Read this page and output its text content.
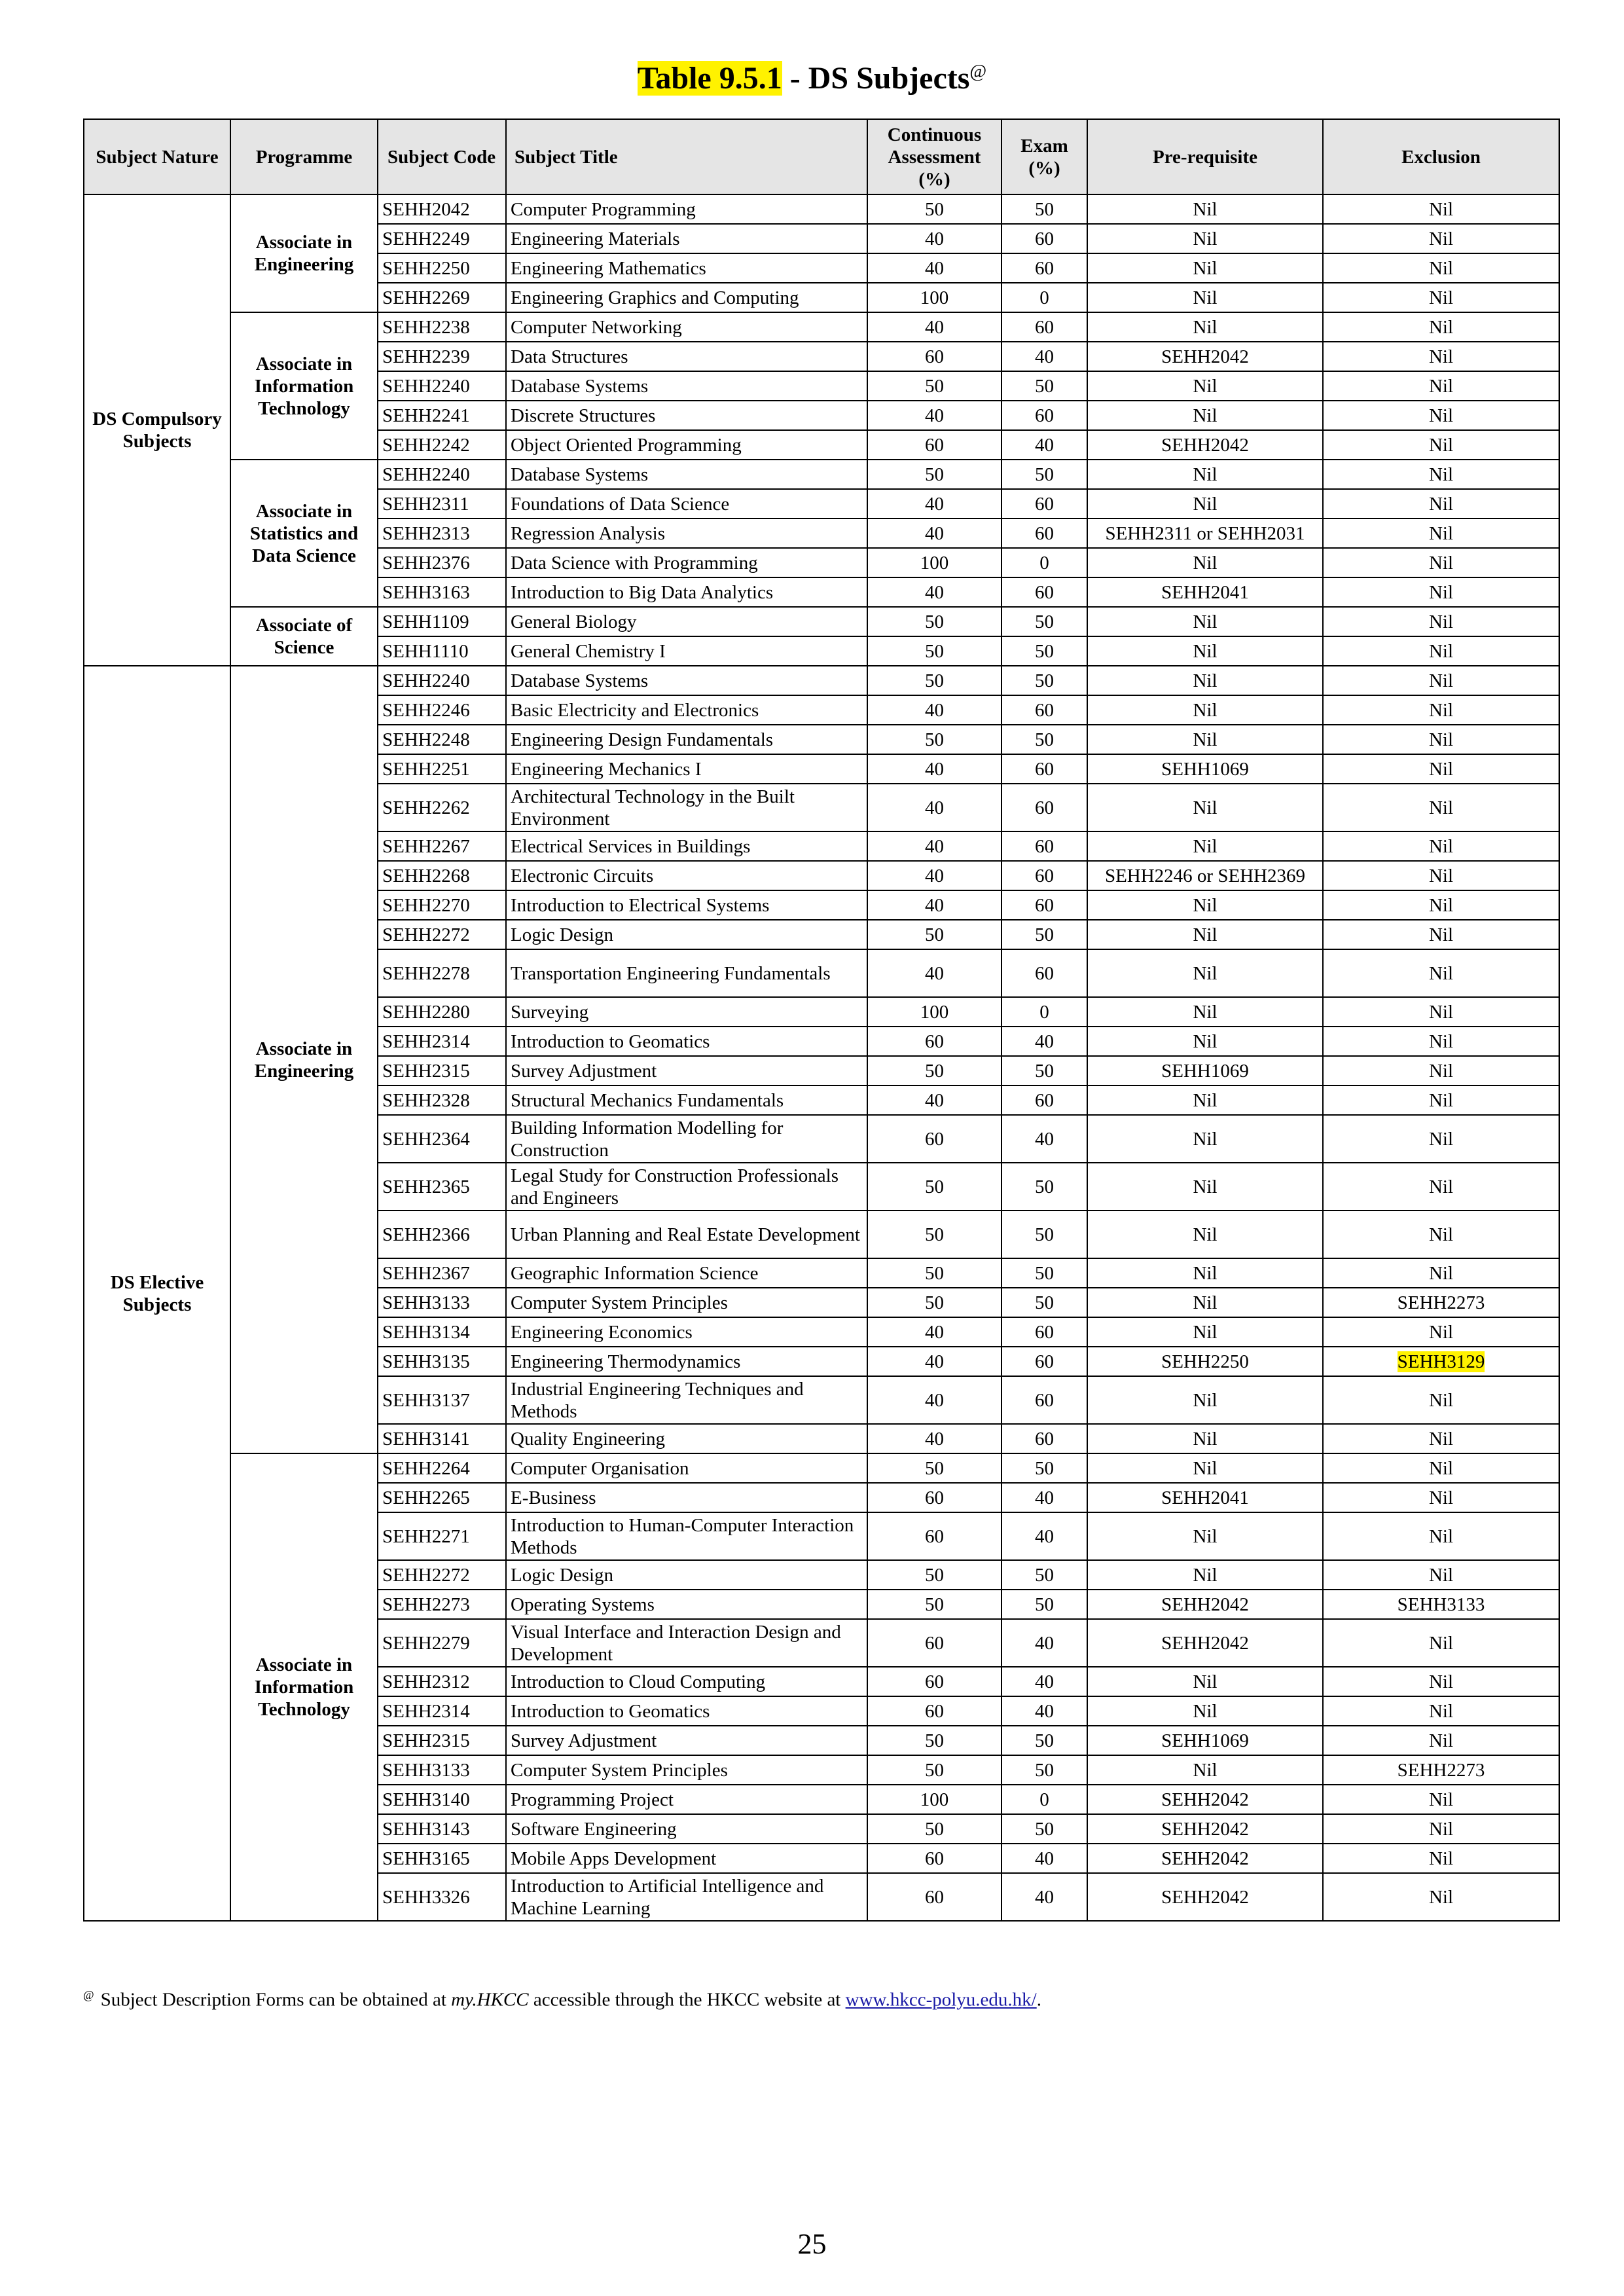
Table 9.5.1 - DS Subjects@
Subject Nature	Programme	Subject Code	Subject Title	Continuous Assessment (%)	Exam (%)	Pre-requisite	Exclusion
DS Compulsory Subjects	Associate in Engineering	SEHH2042	Computer Programming	50	50	Nil	Nil
		SEHH2249	Engineering Materials	40	60	Nil	Nil
		SEHH2250	Engineering Mathematics	40	60	Nil	Nil
		SEHH2269	Engineering Graphics and Computing	100	0	Nil	Nil
	Associate in Information Technology	SEHH2238	Computer Networking	40	60	Nil	Nil
		SEHH2239	Data Structures	60	40	SEHH2042	Nil
		SEHH2240	Database Systems	50	50	Nil	Nil
		SEHH2241	Discrete Structures	40	60	Nil	Nil
		SEHH2242	Object Oriented Programming	60	40	SEHH2042	Nil
	Associate in Statistics and Data Science	SEHH2240	Database Systems	50	50	Nil	Nil
		SEHH2311	Foundations of Data Science	40	60	Nil	Nil
		SEHH2313	Regression Analysis	40	60	SEHH2311 or SEHH2031	Nil
		SEHH2376	Data Science with Programming	100	0	Nil	Nil
		SEHH3163	Introduction to Big Data Analytics	40	60	SEHH2041	Nil
	Associate of Science	SEHH1109	General Biology	50	50	Nil	Nil
		SEHH1110	General Chemistry I	50	50	Nil	Nil
DS Elective Subjects	Associate in Engineering	SEHH2240	Database Systems	50	50	Nil	Nil
		SEHH2246	Basic Electricity and Electronics	40	60	Nil	Nil
		SEHH2248	Engineering Design Fundamentals	50	50	Nil	Nil
		SEHH2251	Engineering Mechanics I	40	60	SEHH1069	Nil
		SEHH2262	Architectural Technology in the Built Environment	40	60	Nil	Nil
		SEHH2267	Electrical Services in Buildings	40	60	Nil	Nil
		SEHH2268	Electronic Circuits	40	60	SEHH2246 or SEHH2369	Nil
		SEHH2270	Introduction to Electrical Systems	40	60	Nil	Nil
		SEHH2272	Logic Design	50	50	Nil	Nil
		SEHH2278	Transportation Engineering Fundamentals	40	60	Nil	Nil
		SEHH2280	Surveying	100	0	Nil	Nil
		SEHH2314	Introduction to Geomatics	60	40	Nil	Nil
		SEHH2315	Survey Adjustment	50	50	SEHH1069	Nil
		SEHH2328	Structural Mechanics Fundamentals	40	60	Nil	Nil
		SEHH2364	Building Information Modelling for Construction	60	40	Nil	Nil
		SEHH2365	Legal Study for Construction Professionals and Engineers	50	50	Nil	Nil
		SEHH2366	Urban Planning and Real Estate Development	50	50	Nil	Nil
		SEHH2367	Geographic Information Science	50	50	Nil	Nil
		SEHH3133	Computer System Principles	50	50	Nil	SEHH2273
		SEHH3134	Engineering Economics	40	60	Nil	Nil
		SEHH3135	Engineering Thermodynamics	40	60	SEHH2250	SEHH3129
		SEHH3137	Industrial Engineering Techniques and Methods	40	60	Nil	Nil
		SEHH3141	Quality Engineering	40	60	Nil	Nil
	Associate in Information Technology	SEHH2264	Computer Organisation	50	50	Nil	Nil
		SEHH2265	E-Business	60	40	SEHH2041	Nil
		SEHH2271	Introduction to Human-Computer Interaction Methods	60	40	Nil	Nil
		SEHH2272	Logic Design	50	50	Nil	Nil
		SEHH2273	Operating Systems	50	50	SEHH2042	SEHH3133
		SEHH2279	Visual Interface and Interaction Design and Development	60	40	SEHH2042	Nil
		SEHH2312	Introduction to Cloud Computing	60	40	Nil	Nil
		SEHH2314	Introduction to Geomatics	60	40	Nil	Nil
		SEHH2315	Survey Adjustment	50	50	SEHH1069	Nil
		SEHH3133	Computer System Principles	50	50	Nil	SEHH2273
		SEHH3140	Programming Project	100	0	SEHH2042	Nil
		SEHH3143	Software Engineering	50	50	SEHH2042	Nil
		SEHH3165	Mobile Apps Development	60	40	SEHH2042	Nil
		SEHH3326	Introduction to Artificial Intelligence and Machine Learning	60	40	SEHH2042	Nil
@ Subject Description Forms can be obtained at my.HKCC accessible through the HKCC website at www.hkcc-polyu.edu.hk/.
25
